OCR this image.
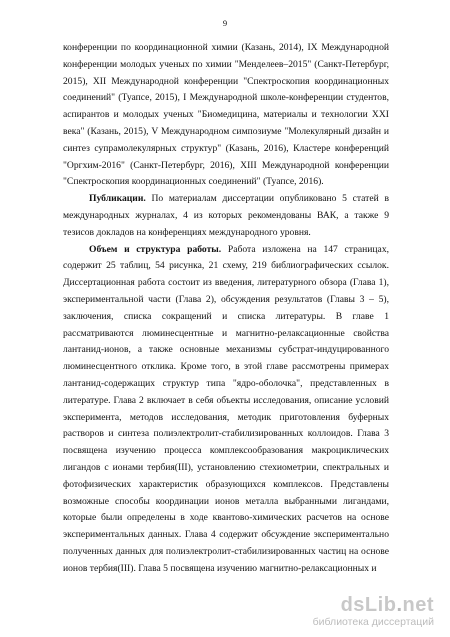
9

конференции по координационной химии (Казань, 2014), IX Международной конференции молодых ученых по химии "Менделеев–2015" (Санкт-Петербург, 2015), XII Международной конференции "Спектроскопия координационных соединений" (Туапсе, 2015), I Международной школе-конференции студентов, аспирантов и молодых ученых "Биомедицина, материалы и технологии XXI века" (Казань, 2015), V Международном симпозиуме "Молекулярный дизайн и синтез супрамолекулярных структур" (Казань, 2016), Кластере конференций "Оргхим-2016" (Санкт-Петербург, 2016), XIII Международной конференции "Спектроскопия координационных соединений" (Туапсе, 2016).

Публикации. По материалам диссертации опубликовано 5 статей в международных журналах, 4 из которых рекомендованы ВАК, а также 9 тезисов докладов на конференциях международного уровня.

Объем и структура работы. Работа изложена на 147 страницах, содержит 25 таблиц, 54 рисунка, 21 схему, 219 библиографических ссылок. Диссертационная работа состоит из введения, литературного обзора (Глава 1), экспериментальной части (Глава 2), обсуждения результатов (Главы 3 – 5), заключения, списка сокращений и списка литературы. В главе 1 рассматриваются люминесцентные и магнитно-релаксационные свойства лантанид-ионов, а также основные механизмы субстрат-индуцированного люминесцентного отклика. Кроме того, в этой главе рассмотрены примерах лантанид-содержащих структур типа "ядро-оболочка", представленных в литературе. Глава 2 включает в себя объекты исследования, описание условий эксперимента, методов исследования, методик приготовления буферных растворов и синтеза полиэлектролит-стабилизированных коллоидов. Глава 3 посвящена изучению процесса комплексообразования макроциклических лигандов с ионами тербия(III), установлению стехиометрии, спектральных и фотофизических характеристик образующихся комплексов. Представлены возможные способы координации ионов металла выбранными лигандами, которые были определены в ходе квантово-химических расчетов на основе экспериментальных данных. Глава 4 содержит обсуждение экспериментально полученных данных для полиэлектролит-стабилизированных частиц на основе ионов тербия(III). Глава 5 посвящена изучению магнитно-релаксационных и

dsLib.net
библиотека диссертаций
